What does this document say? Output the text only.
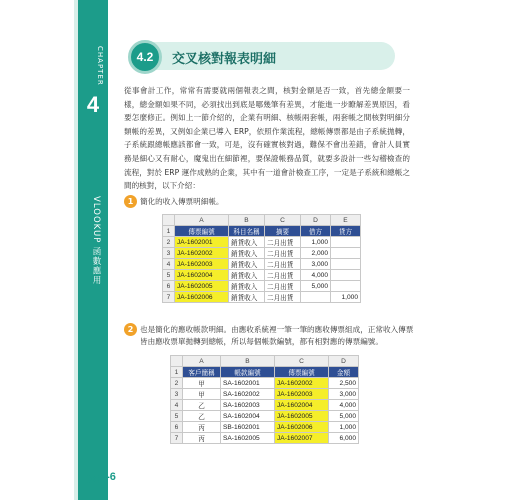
CHAPTER
4
VLOOKUP 函數應用
4.2	交叉核對報表明細

從事會計工作，常常有需要就兩個報表之間，核對金額是否一致，首先總金額要一樣，總金額如果不同，必須找出到底是哪幾筆有差異，才能進一步瞭解差異原因，看要怎麼修正。例如上一節介紹的，企業有明細、核帳兩套帳，兩套帳之間核對明細分類帳的差異，又例如企業已導入 ERP，依照作業流程，總帳傳票都是由子系統拋轉，子系統跟總帳應該都會一致，可是，沒有確實核對過，難保不會出差錯，會計人員實務是細心又有耐心，魔鬼出在細節裡，要保證帳務品質，就要多設計一些勾稽檢查的流程，對於 ERP 運作成熟的企業，其中有一道會計檢查工序，一定是子系統和總帳之間的核對，以下介紹：

1 簡化的收入傳票明細帳。
	A	B	C	D	E
1	傳票編號	科目名稱	摘要	借方	貸方
2	JA-1602001	銷貨收入	二月出貨	1,000	
3	JA-1602002	銷貨收入	二月出貨	2,000	
4	JA-1602003	銷貨收入	二月出貨	3,000	
5	JA-1602004	銷貨收入	二月出貨	4,000	
6	JA-1602005	銷貨收入	二月出貨	5,000	
7	JA-1602006	銷貨收入	二月出貨		1,000
2 也是簡化的應收帳款明細。由應收系統裡一筆一筆的應收傳票組成，正常收入傳票皆由應收票單拋轉到總帳，所以每個帳款編號，都有相對應的傳票編號。
	A	B	C	D
1	客戶簡稱	帳款編號	傳票編號	金額
2	甲	SA-1602001	JA-1602002	2,500
3	甲	SA-1602002	JA-1602003	3,000
4	乙	SA-1602003	JA-1602004	4,000
5	乙	SA-1602004	JA-1602005	5,000
6	丙	SB-1602001	JA-1602006	1,000
7	丙	SA-1602005	JA-1602007	6,000
❯❯❯ 4-6
